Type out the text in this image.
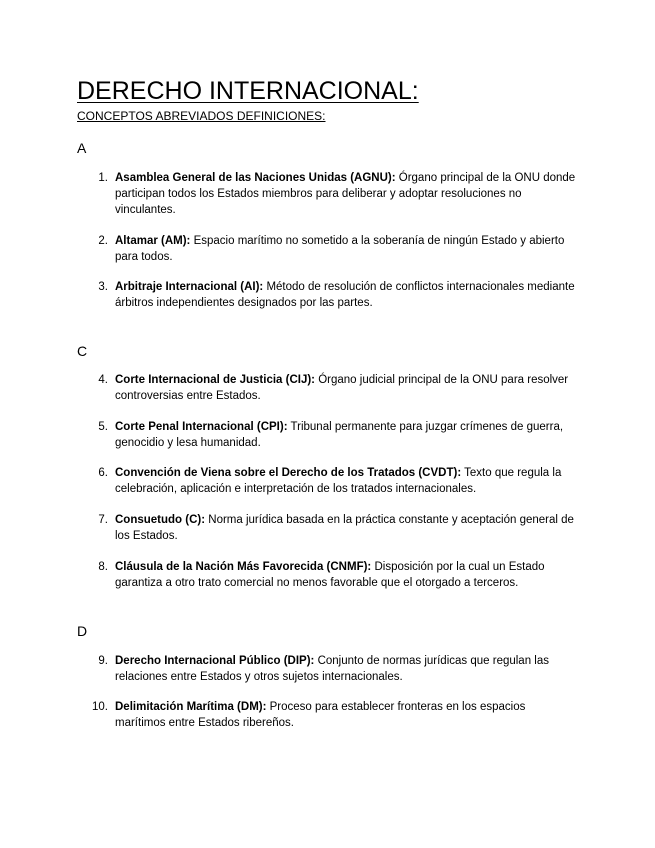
DERECHO INTERNACIONAL:

CONCEPTOS ABREVIADOS DEFINICIONES:

A
1. Asamblea General de las Naciones Unidas (AGNU): Órgano principal de la ONU donde participan todos los Estados miembros para deliberar y adoptar resoluciones no vinculantes.
2. Altamar (AM): Espacio marítimo no sometido a la soberanía de ningún Estado y abierto para todos.
3. Arbitraje Internacional (AI): Método de resolución de conflictos internacionales mediante árbitros independientes designados por las partes.
C
4. Corte Internacional de Justicia (CIJ): Órgano judicial principal de la ONU para resolver controversias entre Estados.
5. Corte Penal Internacional (CPI): Tribunal permanente para juzgar crímenes de guerra, genocidio y lesa humanidad.
6. Convención de Viena sobre el Derecho de los Tratados (CVDT): Texto que regula la celebración, aplicación e interpretación de los tratados internacionales.
7. Consuetudo (C): Norma jurídica basada en la práctica constante y aceptación general de los Estados.
8. Cláusula de la Nación Más Favorecida (CNMF): Disposición por la cual un Estado garantiza a otro trato comercial no menos favorable que el otorgado a terceros.
D
9. Derecho Internacional Público (DIP): Conjunto de normas jurídicas que regulan las relaciones entre Estados y otros sujetos internacionales.
10. Delimitación Marítima (DM): Proceso para establecer fronteras en los espacios marítimos entre Estados ribereños.
